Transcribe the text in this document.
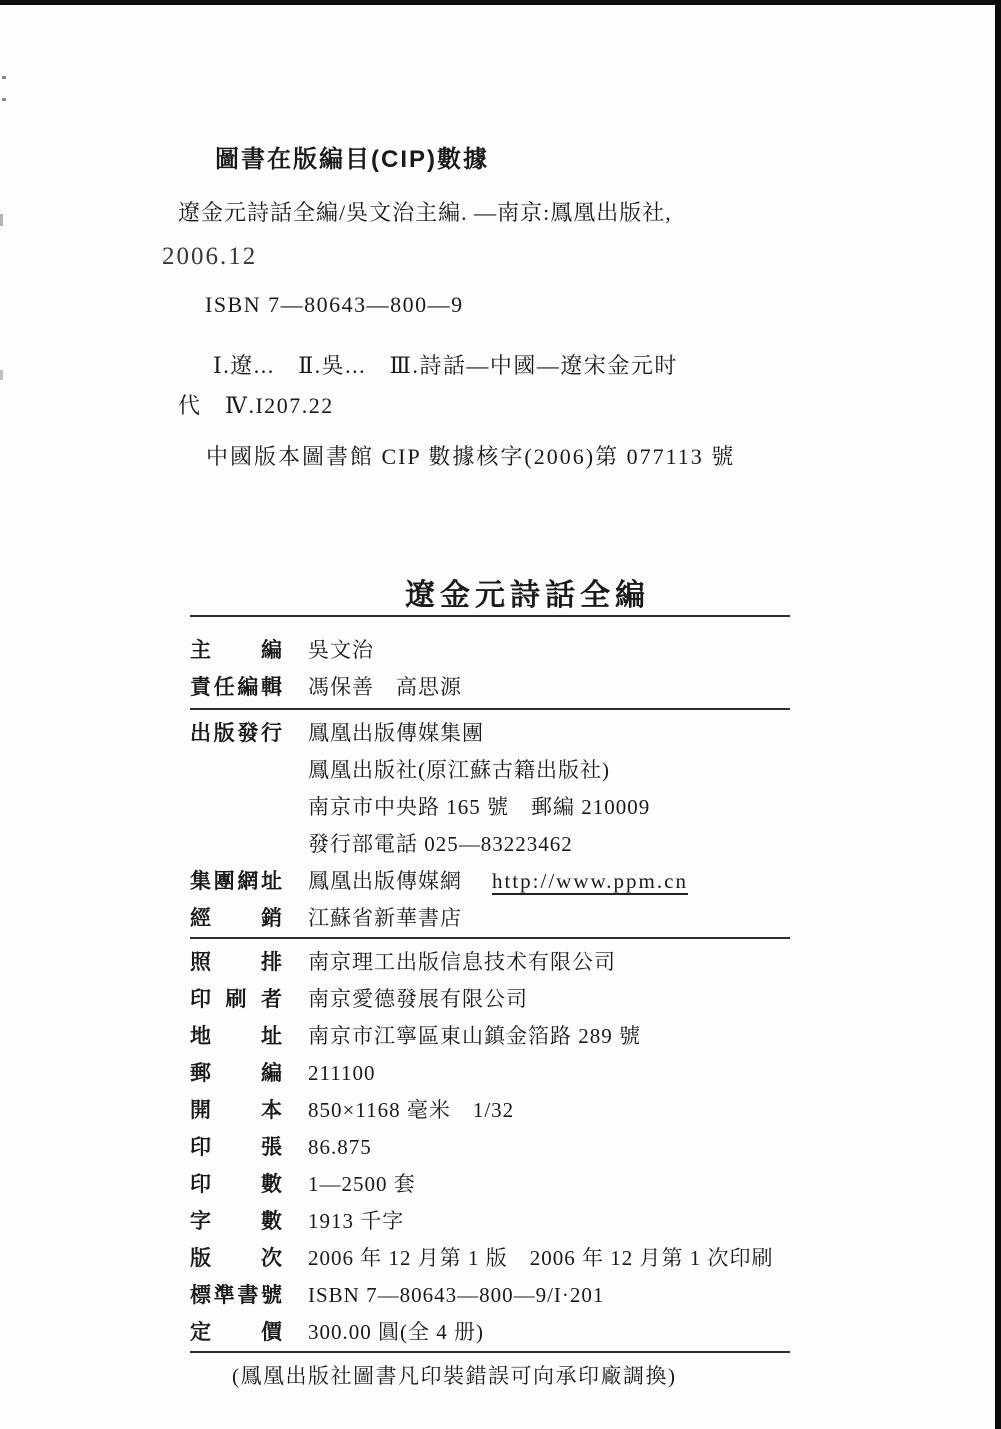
圖書在版編目(CIP)數據
遼金元詩話全編/吳文治主編. —南京:鳳凰出版社,
2006.12
ISBN 7—80643—800—9
Ⅰ.遼...　Ⅱ.吳...　Ⅲ.詩話—中國—遼宋金元时
代　Ⅳ.I207.22
中國版本圖書館 CIP 數據核字(2006)第 077113 號
遼金元詩話全編
主 編 吳文治
責 任 編 輯 馮保善　高思源
出 版 發 行 鳳凰出版傳媒集團
鳳凰出版社(原江蘇古籍出版社)
南京市中央路 165 號　郵編 210009
發行部電話 025—83223462
集 團 網 址 鳳凰出版傳媒網 http://www.ppm.cn
經 銷 江蘇省新華書店
照 排 南京理工出版信息技术有限公司
印 刷 者 南京愛德發展有限公司
地 址 南京市江寧區東山鎮金箔路 289 號
郵 編 211100
開 本 850×1168 毫米　1/32
印 張 86.875
印 數 1—2500 套
字 數 1913 千字
版 次 2006 年 12 月第 1 版　2006 年 12 月第 1 次印刷
標 準 書 號 ISBN 7—80643—800—9/I·201
定 價 300.00 圓(全 4 册)
(鳳凰出版社圖書凡印裝錯誤可向承印廠調換)
